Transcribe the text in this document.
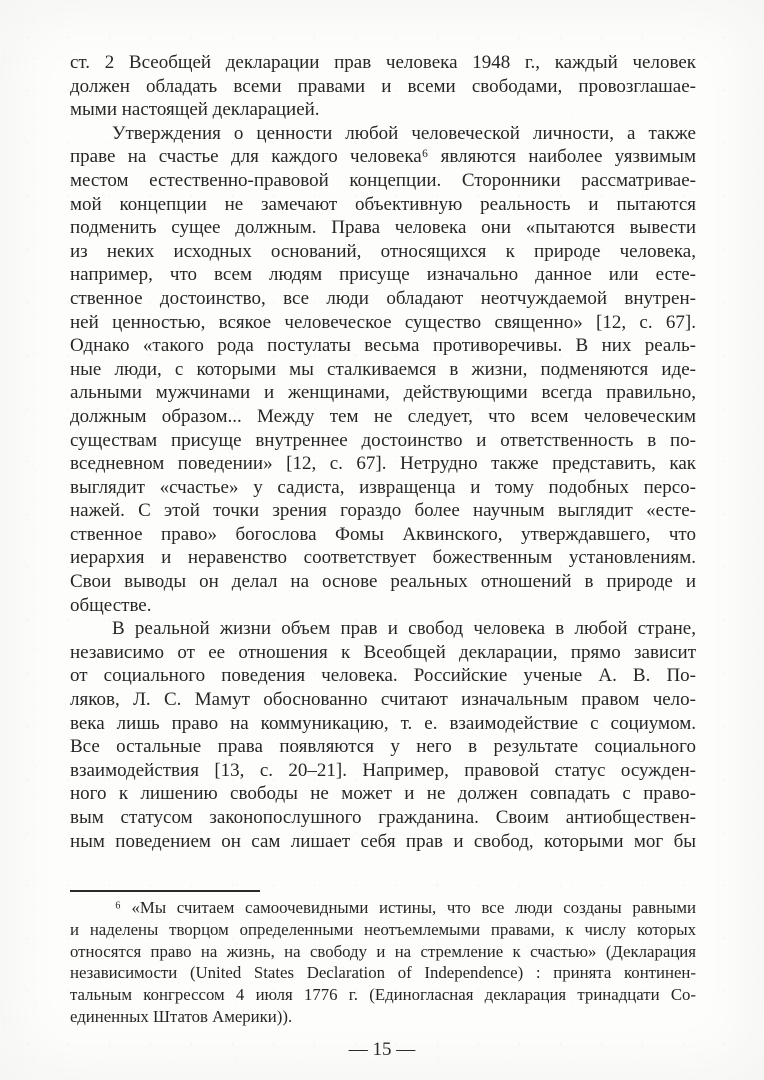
ст. 2 Всеобщей декларации прав человека 1948 г., каждый человек
должен обладать всеми правами и всеми свободами, провозглашае-
мыми настоящей декларацией.
Утверждения о ценности любой человеческой личности, а также
праве на счастье для каждого человека⁶ являются наиболее уязвимым
местом естественно-правовой концепции. Сторонники рассматривае-
мой концепции не замечают объективную реальность и пытаются
подменить сущее должным. Права человека они «пытаются вывести
из неких исходных оснований, относящихся к природе человека,
например, что всем людям присуще изначально данное или есте-
ственное достоинство, все люди обладают неотчуждаемой внутрен-
ней ценностью, всякое человеческое существо священно» [12, с. 67].
Однако «такого рода постулаты весьма противоречивы. В них реаль-
ные люди, с которыми мы сталкиваемся в жизни, подменяются иде-
альными мужчинами и женщинами, действующими всегда правильно,
должным образом... Между тем не следует, что всем человеческим
существам присуще внутреннее достоинство и ответственность в по-
вседневном поведении» [12, с. 67]. Нетрудно также представить, как
выглядит «счастье» у садиста, извращенца и тому подобных персо-
нажей. С этой точки зрения гораздо более научным выглядит «есте-
ственное право» богослова Фомы Аквинского, утверждавшего, что
иерархия и неравенство соответствует божественным установлениям.
Свои выводы он делал на основе реальных отношений в природе и
обществе.
В реальной жизни объем прав и свобод человека в любой стране,
независимо от ее отношения к Всеобщей декларации, прямо зависит
от социального поведения человека. Российские ученые А. В. По-
ляков, Л. С. Мамут обоснованно считают изначальным правом чело-
века лишь право на коммуникацию, т. е. взаимодействие с социумом.
Все остальные права появляются у него в результате социального
взаимодействия [13, с. 20–21]. Например, правовой статус осужден-
ного к лишению свободы не может и не должен совпадать с право-
вым статусом законопослушного гражданина. Своим антиобществен-
ным поведением он сам лишает себя прав и свобод, которыми мог бы
⁶ «Мы считаем самоочевидными истины, что все люди созданы равными
и наделены творцом определенными неотъемлемыми правами, к числу которых
относятся право на жизнь, на свободу и на стремление к счастью» (Декларация
независимости (United States Declaration of Independence) : принята континен-
тальным конгрессом 4 июля 1776 г. (Единогласная декларация тринадцати Со-
единенных Штатов Америки)).
— 15 —
